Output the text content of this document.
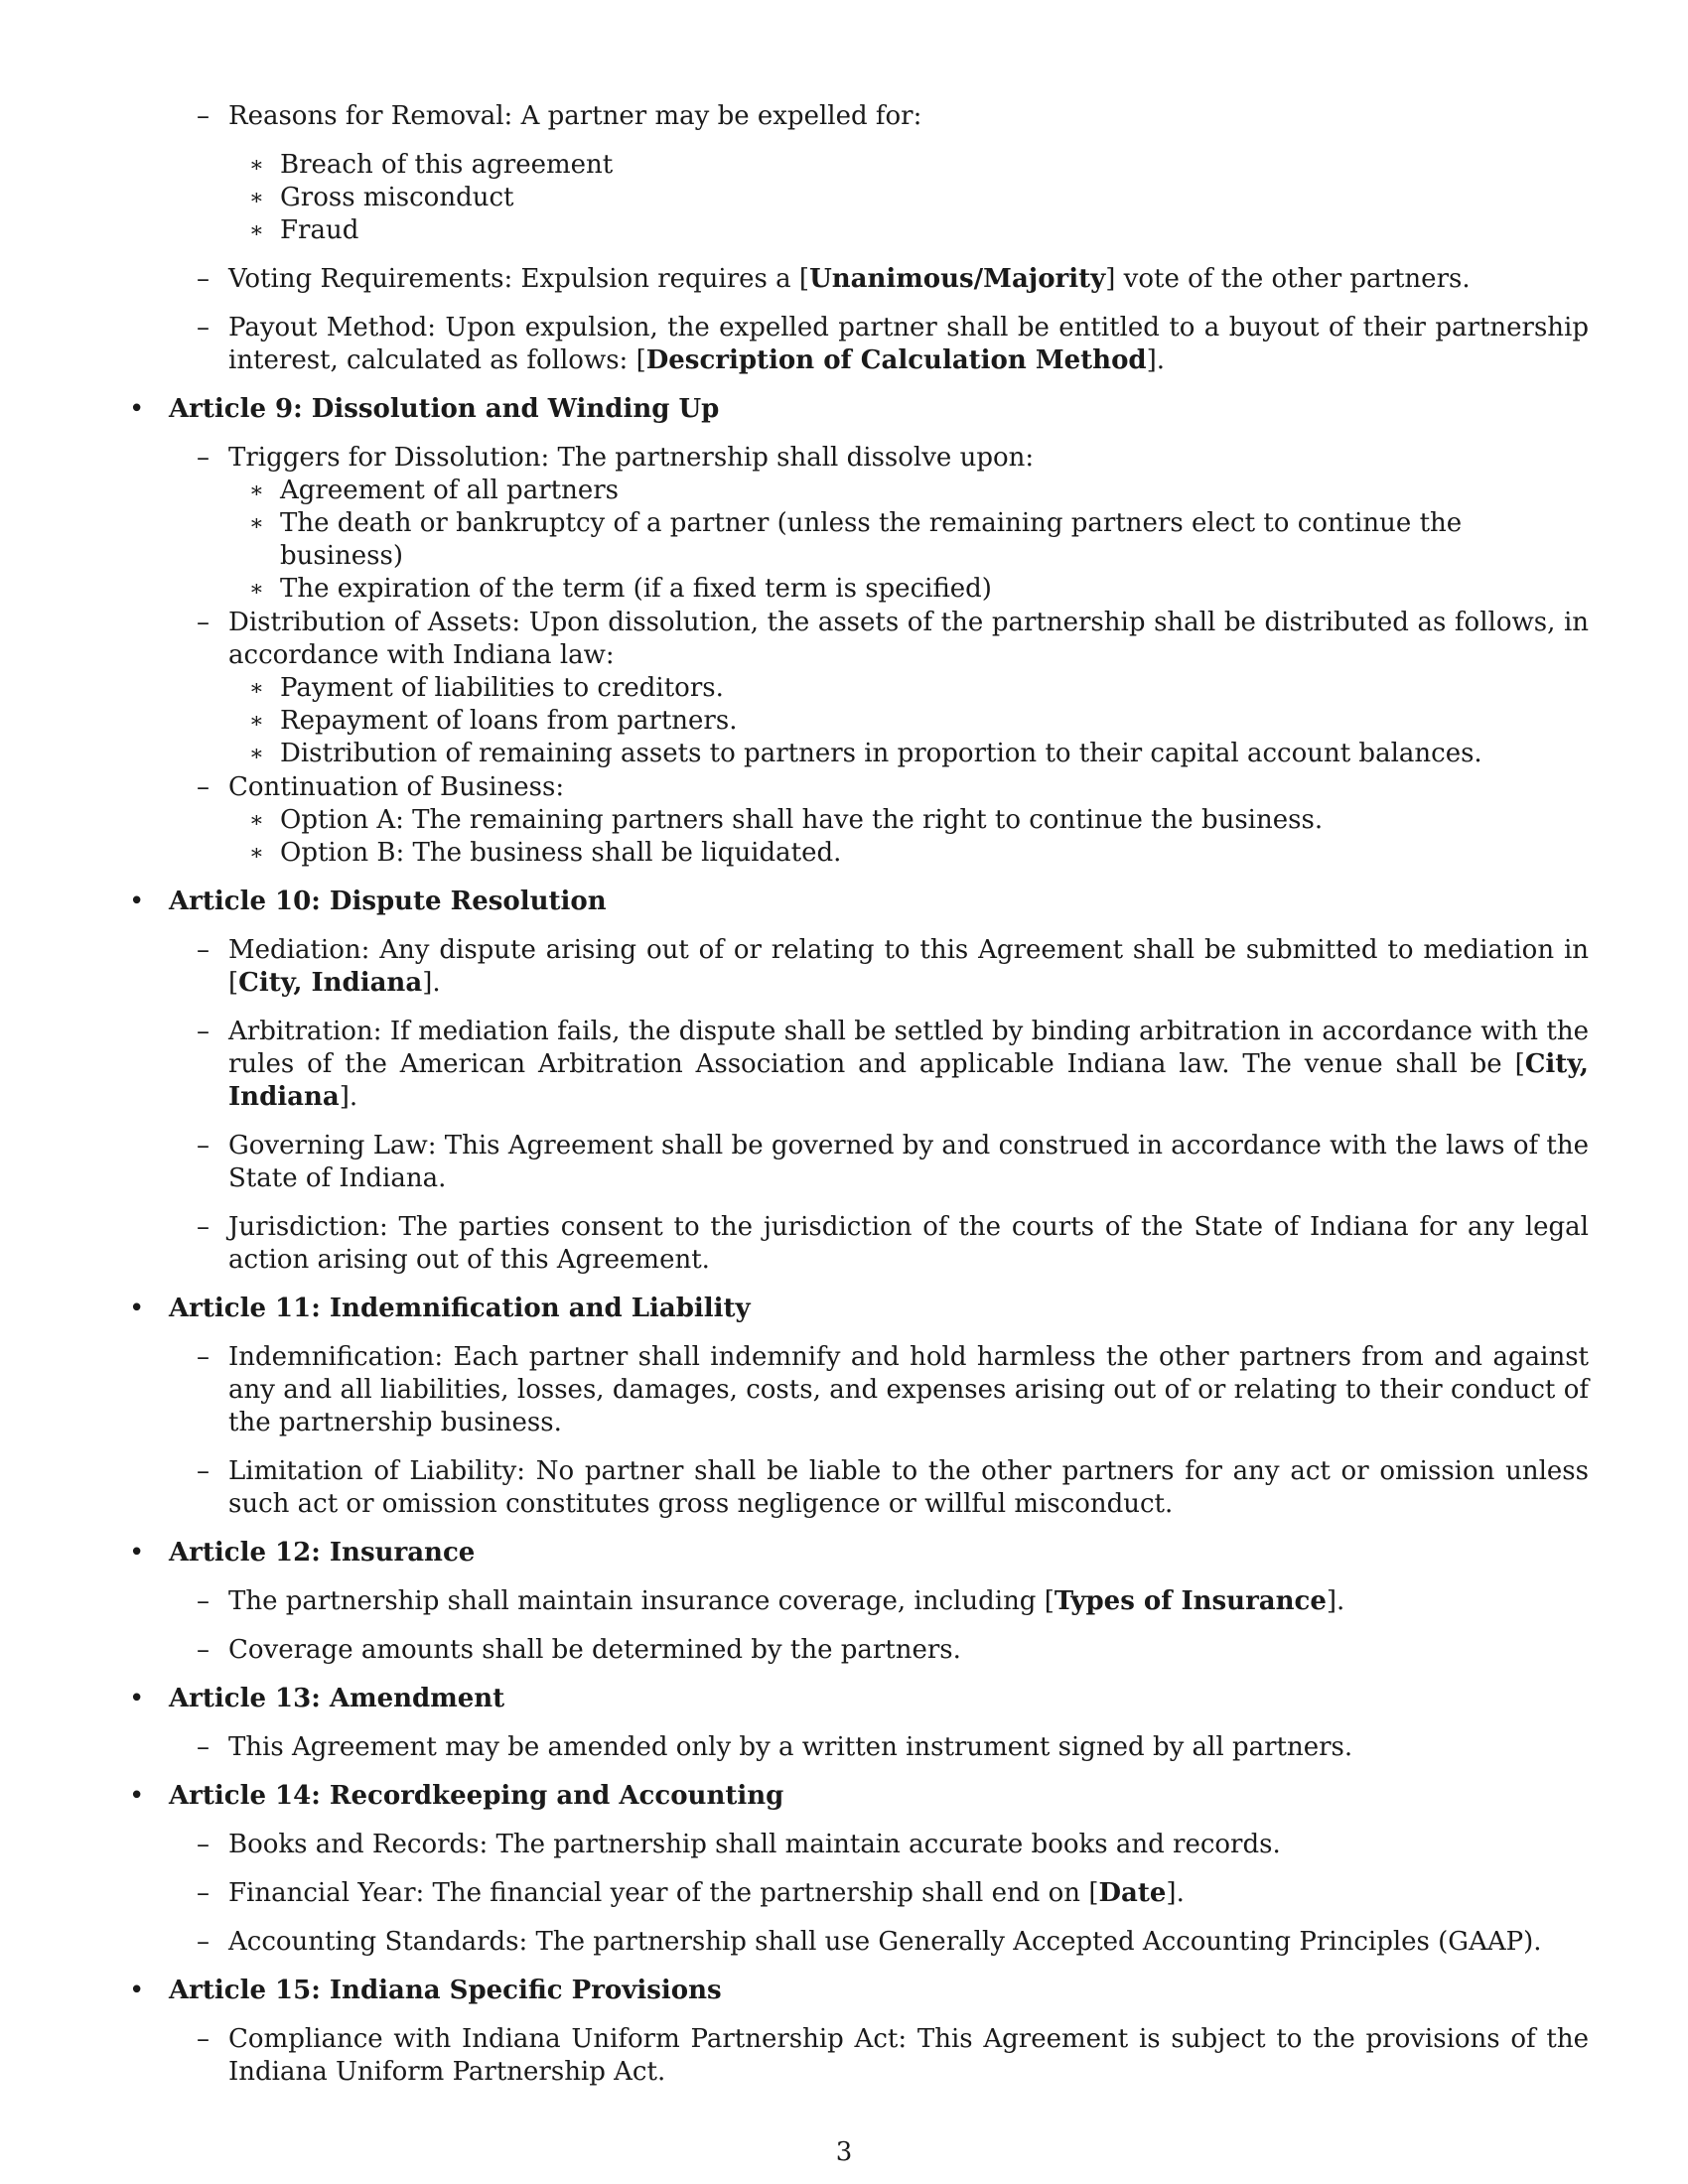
– Reasons for Removal: A partner may be expelled for:

∗ Breach of this agreement

∗ Gross misconduct

∗ Fraud

– Voting Requirements: Expulsion requires a [Unanimous/Majority] vote of the other partners.

– Payout Method: Upon expulsion, the expelled partner shall be entitled to a buyout of their partnership interest, calculated as follows: [Description of Calculation Method].

• Article 9: Dissolution and Winding Up

– Triggers for Dissolution: The partnership shall dissolve upon:

∗ Agreement of all partners

∗ The death or bankruptcy of a partner (unless the remaining partners elect to continue the business)

∗ The expiration of the term (if a fixed term is specified)

– Distribution of Assets: Upon dissolution, the assets of the partnership shall be distributed as follows, in accordance with Indiana law:

∗ Payment of liabilities to creditors.

∗ Repayment of loans from partners.

∗ Distribution of remaining assets to partners in proportion to their capital account balances.

– Continuation of Business:

∗ Option A: The remaining partners shall have the right to continue the business.

∗ Option B: The business shall be liquidated.

• Article 10: Dispute Resolution

– Mediation: Any dispute arising out of or relating to this Agreement shall be submitted to mediation in [City, Indiana].

– Arbitration: If mediation fails, the dispute shall be settled by binding arbitration in accordance with the rules of the American Arbitration Association and applicable Indiana law. The venue shall be [City, Indiana].

– Governing Law: This Agreement shall be governed by and construed in accordance with the laws of the State of Indiana.

– Jurisdiction: The parties consent to the jurisdiction of the courts of the State of Indiana for any legal action arising out of this Agreement.

• Article 11: Indemnification and Liability

– Indemnification: Each partner shall indemnify and hold harmless the other partners from and against any and all liabilities, losses, damages, costs, and expenses arising out of or relating to their conduct of the partnership business.

– Limitation of Liability: No partner shall be liable to the other partners for any act or omission unless such act or omission constitutes gross negligence or willful misconduct.

• Article 12: Insurance

– The partnership shall maintain insurance coverage, including [Types of Insurance].

– Coverage amounts shall be determined by the partners.

• Article 13: Amendment

– This Agreement may be amended only by a written instrument signed by all partners.

• Article 14: Recordkeeping and Accounting

– Books and Records: The partnership shall maintain accurate books and records.

– Financial Year: The financial year of the partnership shall end on [Date].

– Accounting Standards: The partnership shall use Generally Accepted Accounting Principles (GAAP).

• Article 15: Indiana Specific Provisions

– Compliance with Indiana Uniform Partnership Act: This Agreement is subject to the provisions of the Indiana Uniform Partnership Act.

3
